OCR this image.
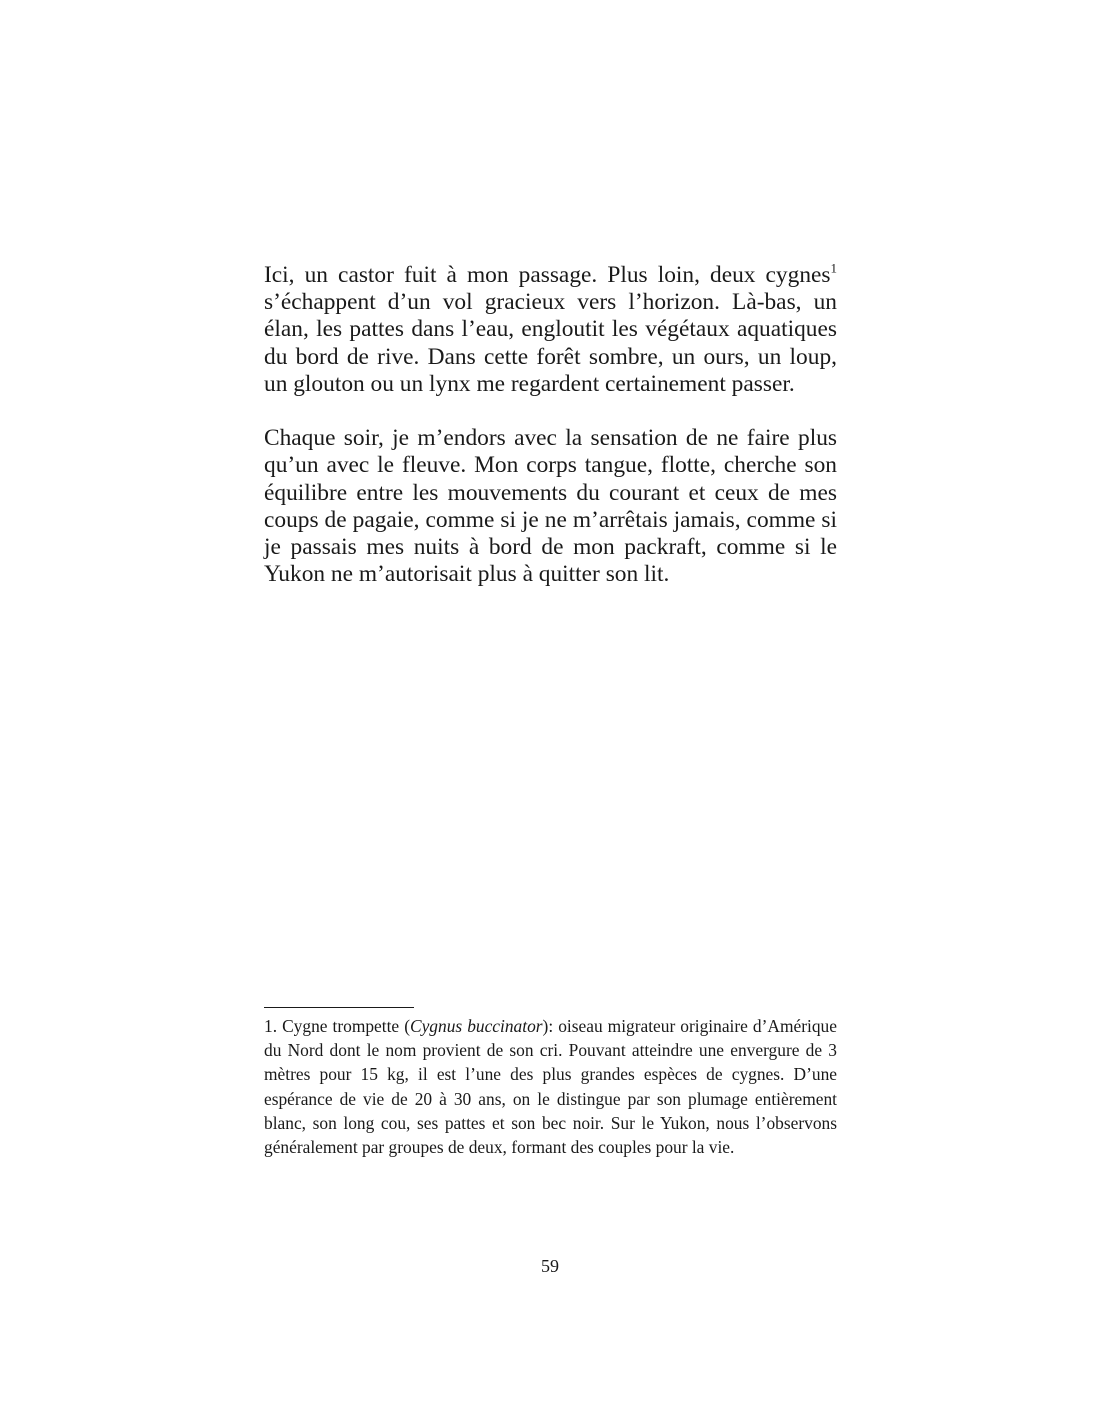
Ici, un castor fuit à mon passage. Plus loin, deux cygnes$^1$ s’échappent d’un vol gracieux vers l’horizon. Là-bas, un élan, les pattes dans l’eau, engloutit les végétaux aquatiques du bord de rive. Dans cette forêt sombre, un ours, un loup, un glouton ou un lynx me regardent certainement passer.

Chaque soir, je m’endors avec la sensation de ne faire plus qu’un avec le fleuve. Mon corps tangue, flotte, cherche son équilibre entre les mouvements du courant et ceux de mes coups de pagaie, comme si je ne m’arrêtais jamais, comme si je passais mes nuits à bord de mon packraft, comme si le Yukon ne m’autorisait plus à quitter son lit.

1. Cygne trompette (Cygnus buccinator): oiseau migrateur originaire d’Amérique du Nord dont le nom provient de son cri. Pouvant atteindre une envergure de 3 mètres pour 15 kg, il est l’une des plus grandes espèces de cygnes. D’une espérance de vie de 20 à 30 ans, on le distingue par son plumage entièrement blanc, son long cou, ses pattes et son bec noir. Sur le Yukon, nous l’observons généralement par groupes de deux, formant des couples pour la vie.

59
